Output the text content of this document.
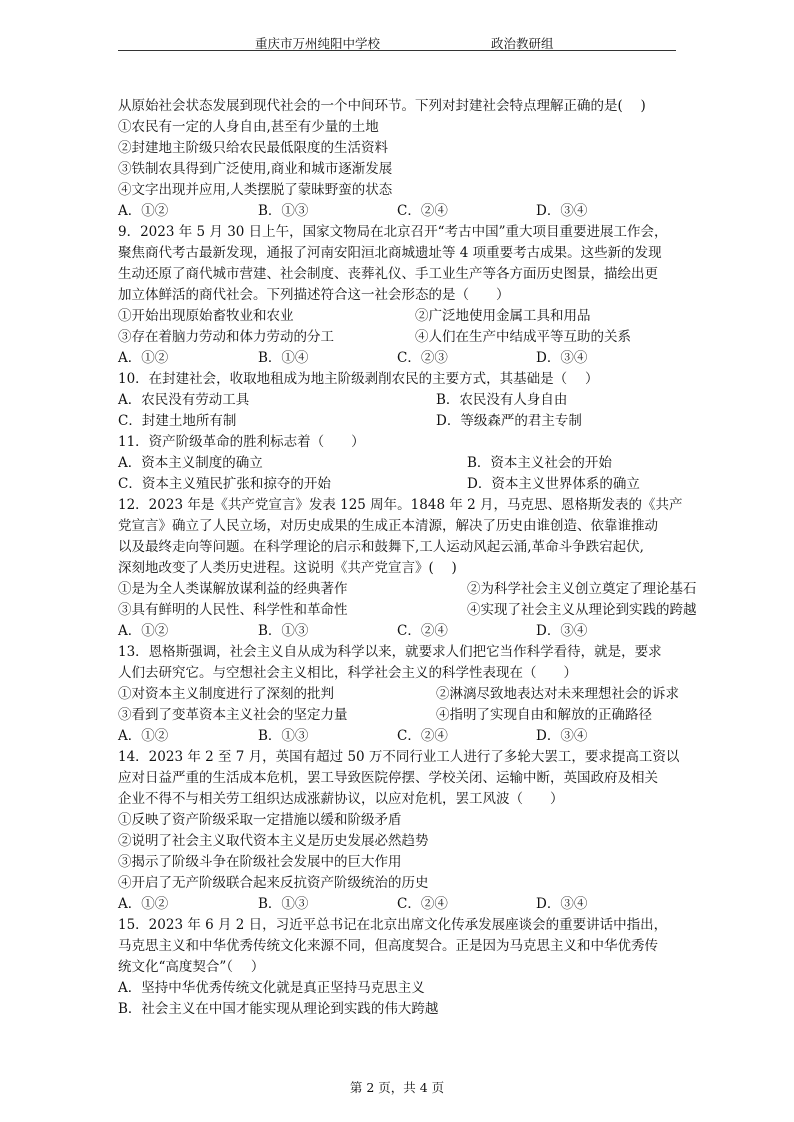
重庆市万州纯阳中学校	政治教研组
从原始社会状态发展到现代社会的一个中间环节。下列对封建社会特点理解正确的是(　 )
①农民有一定的人身自由,甚至有少量的土地
②封建地主阶级只给农民最低限度的生活资料
③铁制农具得到广泛使用,商业和城市逐渐发展
④文字出现并应用,人类摆脱了蒙昧野蛮的状态
A．①②	B．①③	C．②④	D．③④
9．2023 年 5 月 30 日上午，国家文物局在北京召开“考古中国”重大项目重要进展工作会，
聚焦商代考古最新发现，通报了河南安阳洹北商城遗址等 4 项重要考古成果。这些新的发现
生动还原了商代城市营建、社会制度、丧葬礼仪、手工业生产等各方面历史图景，描绘出更
加立体鲜活的商代社会。下列描述符合这一社会形态的是（　　）
①开始出现原始畜牧业和农业	②广泛地使用金属工具和用品
③存在着脑力劳动和体力劳动的分工	④人们在生产中结成平等互助的关系
A．①②	B．①④	C．②③	D．③④
10．在封建社会，收取地租成为地主阶级剥削农民的主要方式，其基础是（　 ）
A．农民没有劳动工具	B．农民没有人身自由
C．封建土地所有制	D．等级森严的君主专制
11．资产阶级革命的胜利标志着（　　）
A．资本主义制度的确立	B．资本主义社会的开始
C．资本主义殖民扩张和掠夺的开始	D．资本主义世界体系的确立
12．2023 年是《共产党宣言》发表 125 周年。1848 年 2 月，马克思、恩格斯发表的《共产
党宣言》确立了人民立场，对历史成果的生成正本清源，解决了历史由谁创造、依靠谁推动
以及最终走向等问题。在科学理论的启示和鼓舞下,工人运动风起云涌,革命斗争跌宕起伏,
深刻地改变了人类历史进程。这说明《共产党宣言》(　 )
①是为全人类谋解放谋利益的经典著作	②为科学社会主义创立奠定了理论基石
③具有鲜明的人民性、科学性和革命性	④实现了社会主义从理论到实践的跨越
A．①②	B．①③	C．②④	D．③④
13．恩格斯强调，社会主义自从成为科学以来，就要求人们把它当作科学看待，就是，要求
人们去研究它。与空想社会主义相比，科学社会主义的科学性表现在（　　）
①对资本主义制度进行了深刻的批判	②淋漓尽致地表达对未来理想社会的诉求
③看到了变革资本主义社会的坚定力量	④指明了实现自由和解放的正确路径
A．①②	B．①③	C．②④	D．③④
14．2023 年 2 至 7 月，英国有超过 50 万不同行业工人进行了多轮大罢工，要求提高工资以
应对日益严重的生活成本危机，罢工导致医院停摆、学校关闭、运输中断，英国政府及相关
企业不得不与相关劳工组织达成涨薪协议，以应对危机，罢工风波（　　）
①反映了资产阶级采取一定措施以缓和阶级矛盾
②说明了社会主义取代资本主义是历史发展必然趋势
③揭示了阶级斗争在阶级社会发展中的巨大作用
④开启了无产阶级联合起来反抗资产阶级统治的历史
A．①②	B．①③	C．②④	D．③④
15．2023 年 6 月 2 日，习近平总书记在北京出席文化传承发展座谈会的重要讲话中指出，
马克思主义和中华优秀传统文化来源不同，但高度契合。正是因为马克思主义和中华优秀传
统文化“高度契合”（　 ）
A．坚持中华优秀传统文化就是真正坚持马克思主义
B．社会主义在中国才能实现从理论到实践的伟大跨越
第 2 页，共 4 页
